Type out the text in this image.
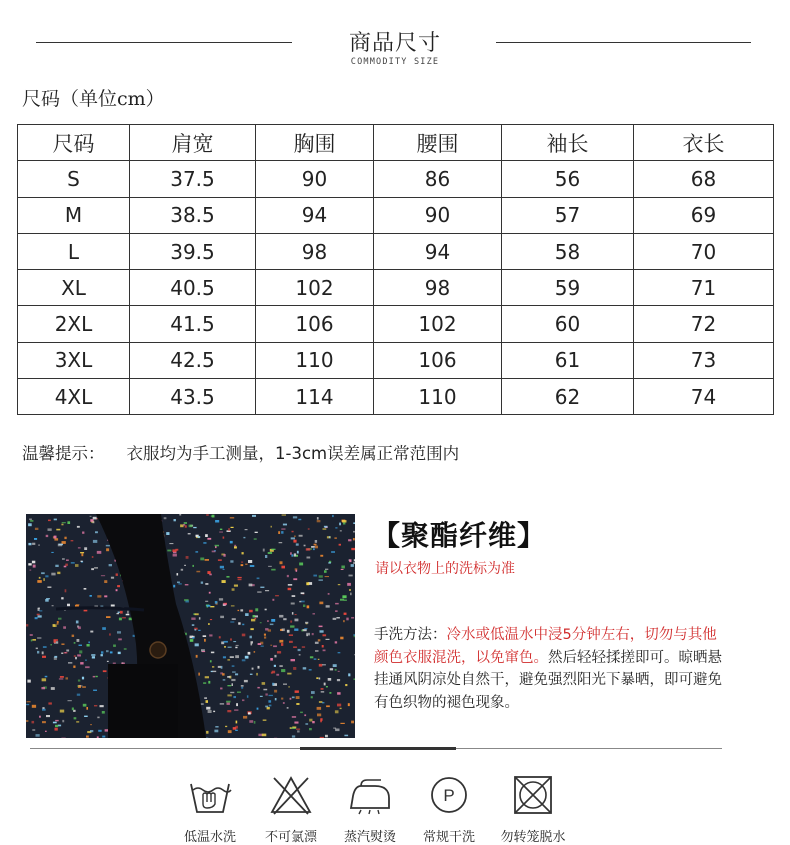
商品尺寸
COMMODITY SIZE
尺码（单位cm）
尺码	肩宽	胸围	腰围	袖长	衣长
S	37.5	90	86	56	68
M	38.5	94	90	57	69
L	39.5	98	94	58	70
XL	40.5	102	98	59	71
2XL	41.5	106	102	60	72
3XL	42.5	110	106	61	73
4XL	43.5	114	110	62	74
温馨提示： 衣服均为手工测量，1-3cm误差属正常范围内
【聚酯纤维】
请以衣物上的洗标为准
手洗方法：冷水或低温水中浸5分钟左右，切勿与其他颜色衣服混洗，以免窜色。然后轻轻揉搓即可。晾晒悬挂通风阴凉处自然干，避免强烈阳光下暴晒，即可避免有色织物的褪色现象。
低温水洗	不可氯漂	蒸汽熨烫
P
常规干洗	勿转笼脱水
